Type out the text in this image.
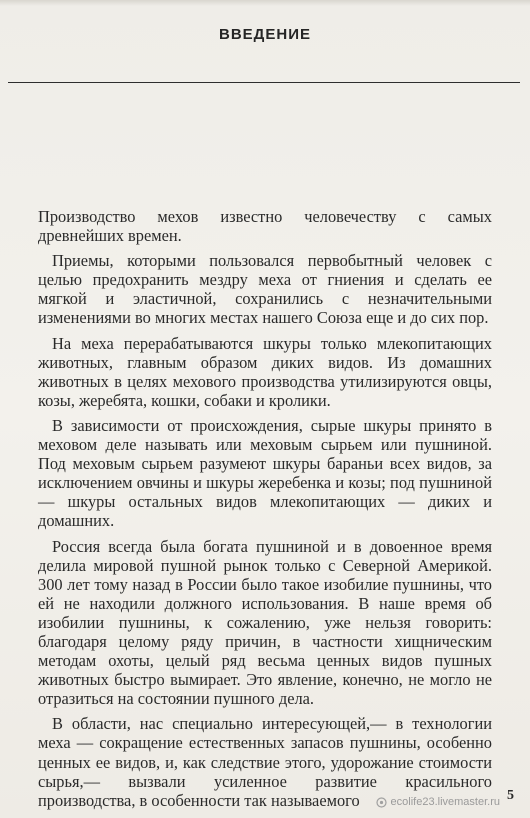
ВВЕДЕНИЕ

Производство мехов известно человечеству с самых древнейших времен.

Приемы, которыми пользовался первобытный человек с целью предохранить мездру меха от гниения и сделать ее мягкой и эластичной, сохранились с незначительными изменениями во многих местах нашего Союза еще и до сих пор.

На меха перерабатываются шкуры только млекопитающих животных, главным образом диких видов. Из домашних животных в целях мехового производства утилизируются овцы, козы, жеребята, кошки, собаки и кролики.

В зависимости от происхождения, сырые шкуры принято в меховом деле называть или меховым сырьем или пушниной. Под меховым сырьем разумеют шкуры бараньи всех видов, за исключением овчины и шкуры жеребенка и козы; под пушниной — шкуры остальных видов млекопитающих — диких и домашних.

Россия всегда была богата пушниной и в довоенное время делила мировой пушной рынок только с Северной Америкой. 300 лет тому назад в России было такое изобилие пушнины, что ей не находили должного использования. В наше время об изобилии пушнины, к сожалению, уже нельзя говорить: благодаря целому ряду причин, в частности хищническим методам охоты, целый ряд весьма ценных видов пушных животных быстро вымирает. Это явление, конечно, не могло не отразиться на состоянии пушного дела.

В области, нас специально интересующей,— в технологии меха — сокращение естественных запасов пушнины, особенно ценных ее видов, и, как следствие этого, удорожание стоимости сырья,— вызвали усиленное развитие красильного производства, в особенности так называемого	ecolife23.livemaster.ru 5
